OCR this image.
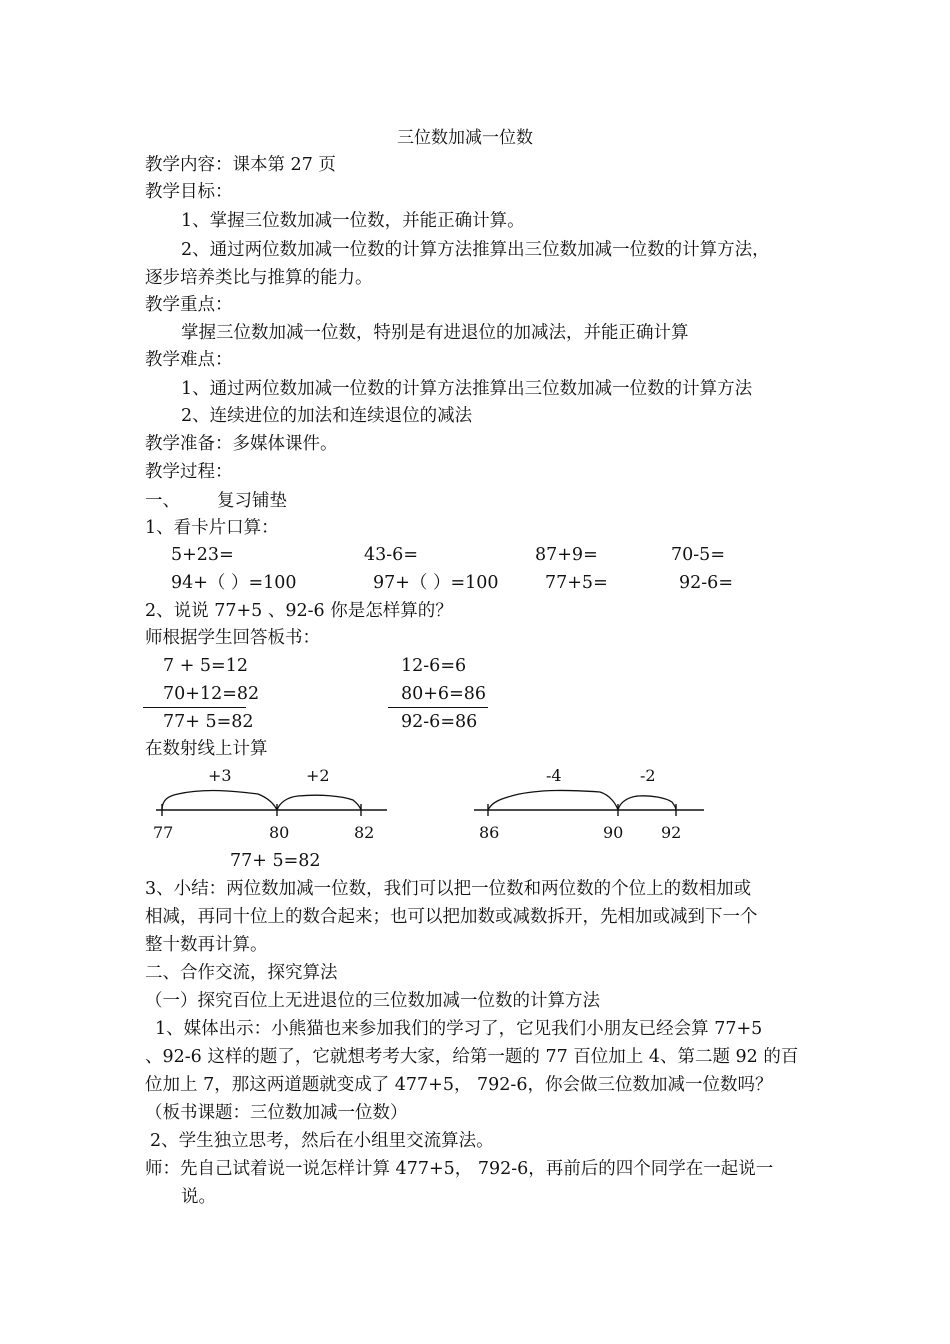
三位数加减一位数
教学内容：课本第 27 页
教学目标：
1、掌握三位数加减一位数，并能正确计算。
2、通过两位数加减一位数的计算方法推算出三位数加减一位数的计算方法，
逐步培养类比与推算的能力。
教学重点：
掌握三位数加减一位数，特别是有进退位的加减法，并能正确计算
教学难点：
1、通过两位数加减一位数的计算方法推算出三位数加减一位数的计算方法
2、连续进位的加法和连续退位的减法
教学准备：多媒体课件。
教学过程：
一、 复习铺垫
1、看卡片口算：
5+23=	43-6=	87+9=	70-5=
94+（ ）=100	97+（ ）=100	77+5=	92-6=
2、说说 77+5 、92-6 你是怎样算的？
师根据学生回答板书：
7 + 5=12
70+12=82
77+ 5=82
12-6=6
80+6=86
92-6=86
在数射线上计算
+3	+2
77	80	82
-4	-2
86	90 92
77+ 5=82
3、小结：两位数加减一位数，我们可以把一位数和两位数的个位上的数相加或
相减，再同十位上的数合起来；也可以把加数或减数拆开，先相加或减到下一个
整十数再计算。
二、合作交流，探究算法
（一）探究百位上无进退位的三位数加减一位数的计算方法
1、媒体出示：小熊猫也来参加我们的学习了，它见我们小朋友已经会算 77+5
、92-6 这样的题了，它就想考考大家，给第一题的 77 百位加上 4、第二题 92 的百
位加上 7，那这两道题就变成了 477+5， 792-6，你会做三位数加减一位数吗？
（板书课题：三位数加减一位数）
2、学生独立思考，然后在小组里交流算法。
师：先自己试着说一说怎样计算 477+5， 792-6，再前后的四个同学在一起说一
说。
